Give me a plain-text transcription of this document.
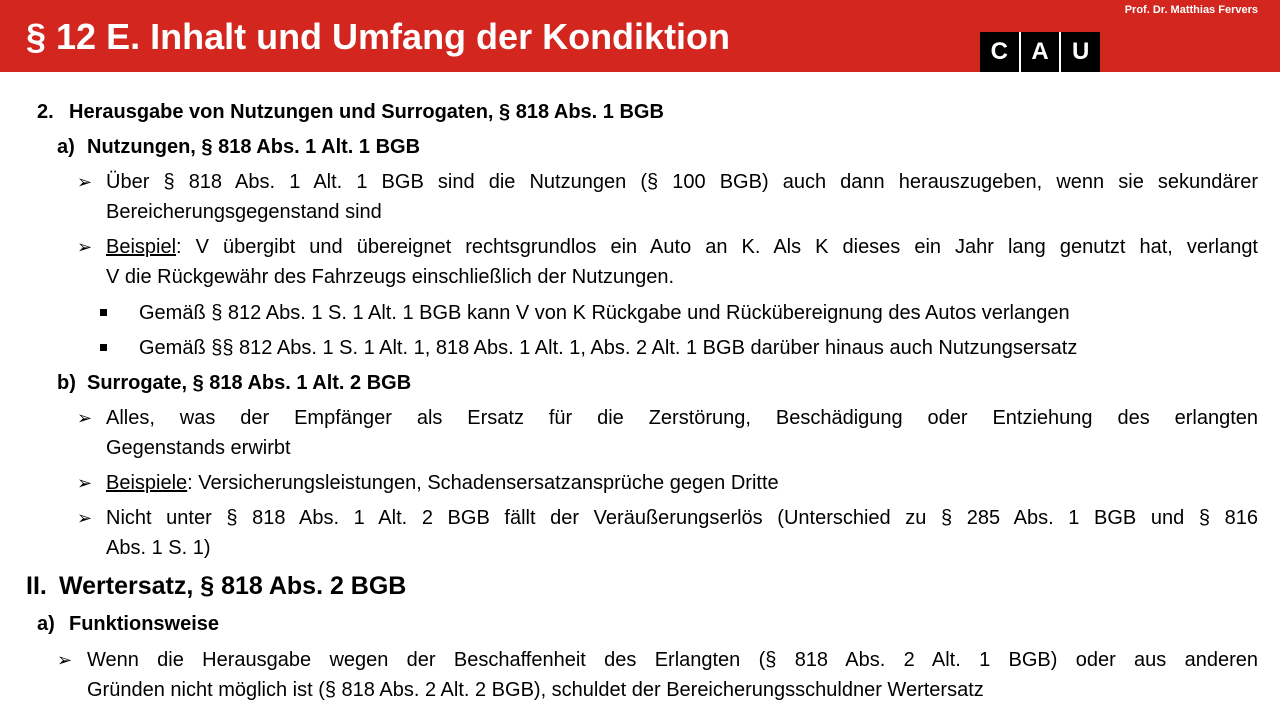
§ 12 E. Inhalt und Umfang der Kondiktion
Prof. Dr. Matthias Fervers
C A U
2. Herausgabe von Nutzungen und Surrogaten, § 818 Abs. 1 BGB
a) Nutzungen, § 818 Abs. 1 Alt. 1 BGB
➢ Über § 818 Abs. 1 Alt. 1 BGB sind die Nutzungen (§ 100 BGB) auch dann herauszugeben, wenn sie sekundärer
Bereicherungsgegenstand sind
➢ Beispiel: V übergibt und übereignet rechtsgrundlos ein Auto an K. Als K dieses ein Jahr lang genutzt hat, verlangt
V die Rückgewähr des Fahrzeugs einschließlich der Nutzungen.
Gemäß § 812 Abs. 1 S. 1 Alt. 1 BGB kann V von K Rückgabe und Rückübereignung des Autos verlangen
Gemäß §§ 812 Abs. 1 S. 1 Alt. 1, 818 Abs. 1 Alt. 1, Abs. 2 Alt. 1 BGB darüber hinaus auch Nutzungsersatz
b) Surrogate, § 818 Abs. 1 Alt. 2 BGB
➢ Alles, was der Empfänger als Ersatz für die Zerstörung, Beschädigung oder Entziehung des erlangten
Gegenstands erwirbt
➢ Beispiele: Versicherungsleistungen, Schadensersatzansprüche gegen Dritte
➢ Nicht unter § 818 Abs. 1 Alt. 2 BGB fällt der Veräußerungserlös (Unterschied zu § 285 Abs. 1 BGB und § 816
Abs. 1 S. 1)
II. Wertersatz, § 818 Abs. 2 BGB
a) Funktionsweise
➢ Wenn die Herausgabe wegen der Beschaffenheit des Erlangten (§ 818 Abs. 2 Alt. 1 BGB) oder aus anderen
Gründen nicht möglich ist (§ 818 Abs. 2 Alt. 2 BGB), schuldet der Bereicherungsschuldner Wertersatz
